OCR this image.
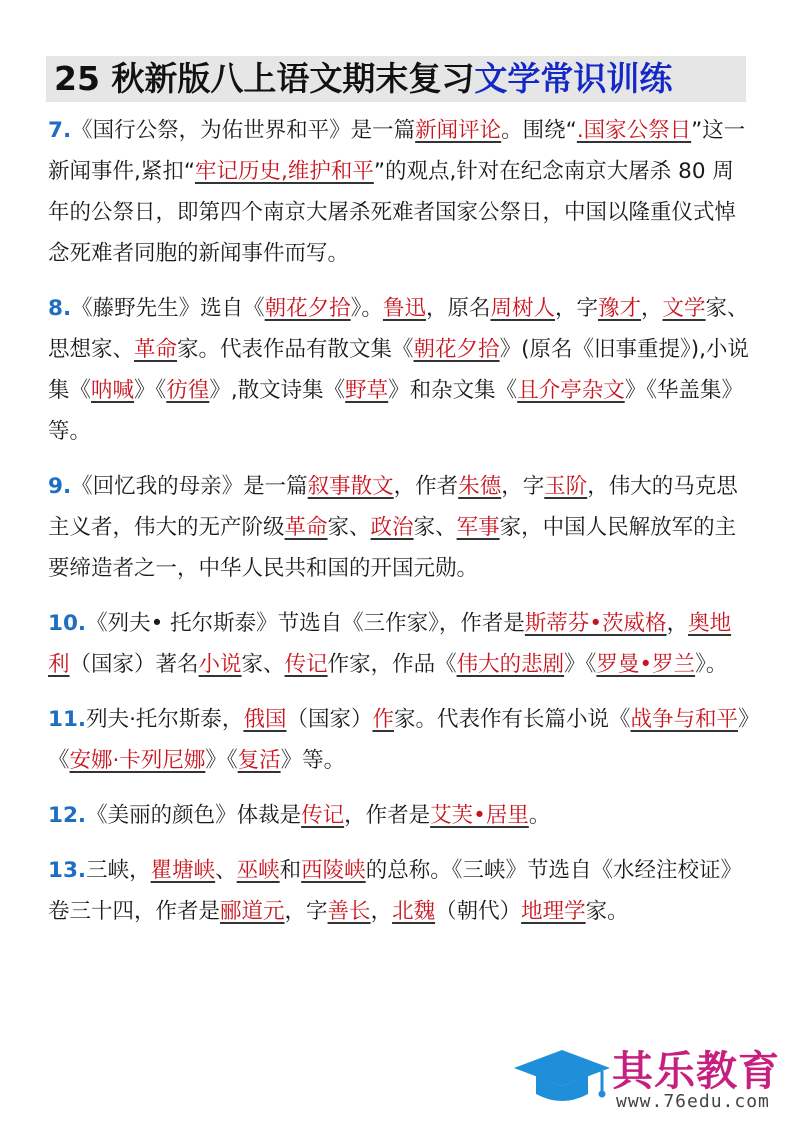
25 秋新版八上语文期末复习文学常识训练
7.《国行公祭，为佑世界和平》是一篇新闻评论。围绕“.国家公祭日”这一新闻事件,紧扣“牢记历史,维护和平”的观点,针对在纪念南京大屠杀 80 周年的公祭日，即第四个南京大屠杀死难者国家公祭日，中国以隆重仪式悼念死难者同胞的新闻事件而写。
8.《藤野先生》选自《朝花夕拾》。鲁迅，原名周树人，字豫才，文学家、思想家、革命家。代表作品有散文集《朝花夕拾》(原名《旧事重提》),小说集《呐喊》《彷徨》,散文诗集《野草》和杂文集《且介亭杂文》《华盖集》等。
9.《回忆我的母亲》是一篇叙事散文，作者朱德，字玉阶，伟大的马克思主义者，伟大的无产阶级革命家、政治家、军事家，中国人民解放军的主要缔造者之一，中华人民共和国的开国元勋。
10.《列夫• 托尔斯泰》节选自《三作家》，作者是斯蒂芬•茨威格，奥地利（国家）著名小说家、传记作家，作品《伟大的悲剧》《罗曼•罗兰》。
11.列夫·托尔斯泰，俄国（国家）作家。代表作有长篇小说《战争与和平》《安娜·卡列尼娜》《复活》等。
12.《美丽的颜色》体裁是传记，作者是艾芙•居里。
13.三峡，瞿塘峡、巫峡和西陵峡的总称。《三峡》节选自《水经注校证》卷三十四，作者是郦道元，字善长，北魏（朝代）地理学家。
其乐教育
www.76edu.com
